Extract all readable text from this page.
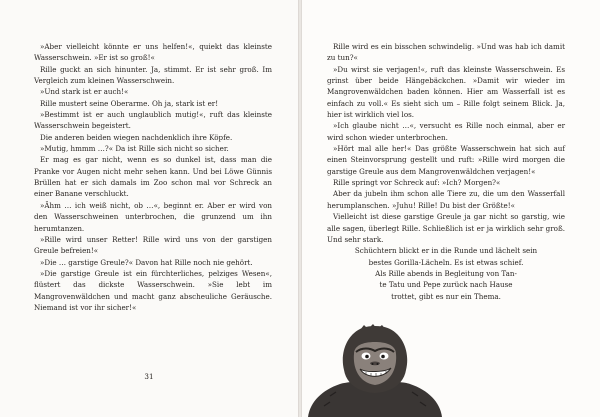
»Aber vielleicht könnte er uns helfen!«, quiekt das kleinste Wasserschwein. »Er ist so groß!«

Rille guckt an sich hinunter. Ja, stimmt. Er ist sehr groß. Im Vergleich zum kleinen Wasserschwein.

»Und stark ist er auch!«

Rille mustert seine Oberarme. Oh ja, stark ist er!

»Bestimmt ist er auch unglaublich mutig!«, ruft das kleinste Wasserschwein begeistert.

Die anderen beiden wiegen nachdenklich ihre Köpfe.

»Mutig, hmmm …?« Da ist Rille sich nicht so sicher.

Er mag es gar nicht, wenn es so dunkel ist, dass man die Pranke vor Augen nicht mehr sehen kann. Und bei Löwe Günnis Brüllen hat er sich damals im Zoo schon mal vor Schreck an einer Banane verschluckt.

»Ähm … ich weiß nicht, ob …«, beginnt er. Aber er wird von den Wasserschweinen unterbrochen, die grunzend um ihn herumtanzen.

»Rille wird unser Retter! Rille wird uns von der garstigen Greule befreien!«

»Die … garstige Greule?« Davon hat Rille noch nie gehört.

»Die garstige Greule ist ein fürchterliches, pelziges Wesen«, flüstert das dickste Wasserschwein. »Sie lebt im Mangrovenwäldchen und macht ganz abscheuliche Geräusche. Niemand ist vor ihr sicher!«

31

Rille wird es ein bisschen schwindelig. »Und was hab ich damit zu tun?«

»Du wirst sie verjagen!«, ruft das kleinste Wasserschwein. Es grinst über beide Hängebäckchen. »Damit wir wieder im Mangrovenwäldchen baden können. Hier am Wasserfall ist es einfach zu voll.« Es sieht sich um – Rille folgt seinem Blick. Ja, hier ist wirklich viel los.

»Ich glaube nicht …«, versucht es Rille noch einmal, aber er wird schon wieder unterbrochen.

»Hört mal alle her!« Das größte Wasserschwein hat sich auf einen Steinvorsprung gestellt und ruft: »Rille wird morgen die garstige Greule aus dem Mangrovenwäldchen verjagen!«

Rille springt vor Schreck auf: »Ich? Morgen?«

Aber da jubeln ihm schon alle Tiere zu, die um den Wasserfall herumplanschen. »Juhu! Rille! Du bist der Größte!«

Vielleicht ist diese garstige Greule ja gar nicht so garstig, wie alle sagen, überlegt Rille. Schließlich ist er ja wirklich sehr groß. Und sehr stark.

Schüchtern blickt er in die Runde und lächelt sein

bestes Gorilla-Lächeln. Es ist etwas schief.

Als Rille abends in Begleitung von Tan-

te Tatu und Pepe zurück nach Hause

trottet, gibt es nur ein Thema.
